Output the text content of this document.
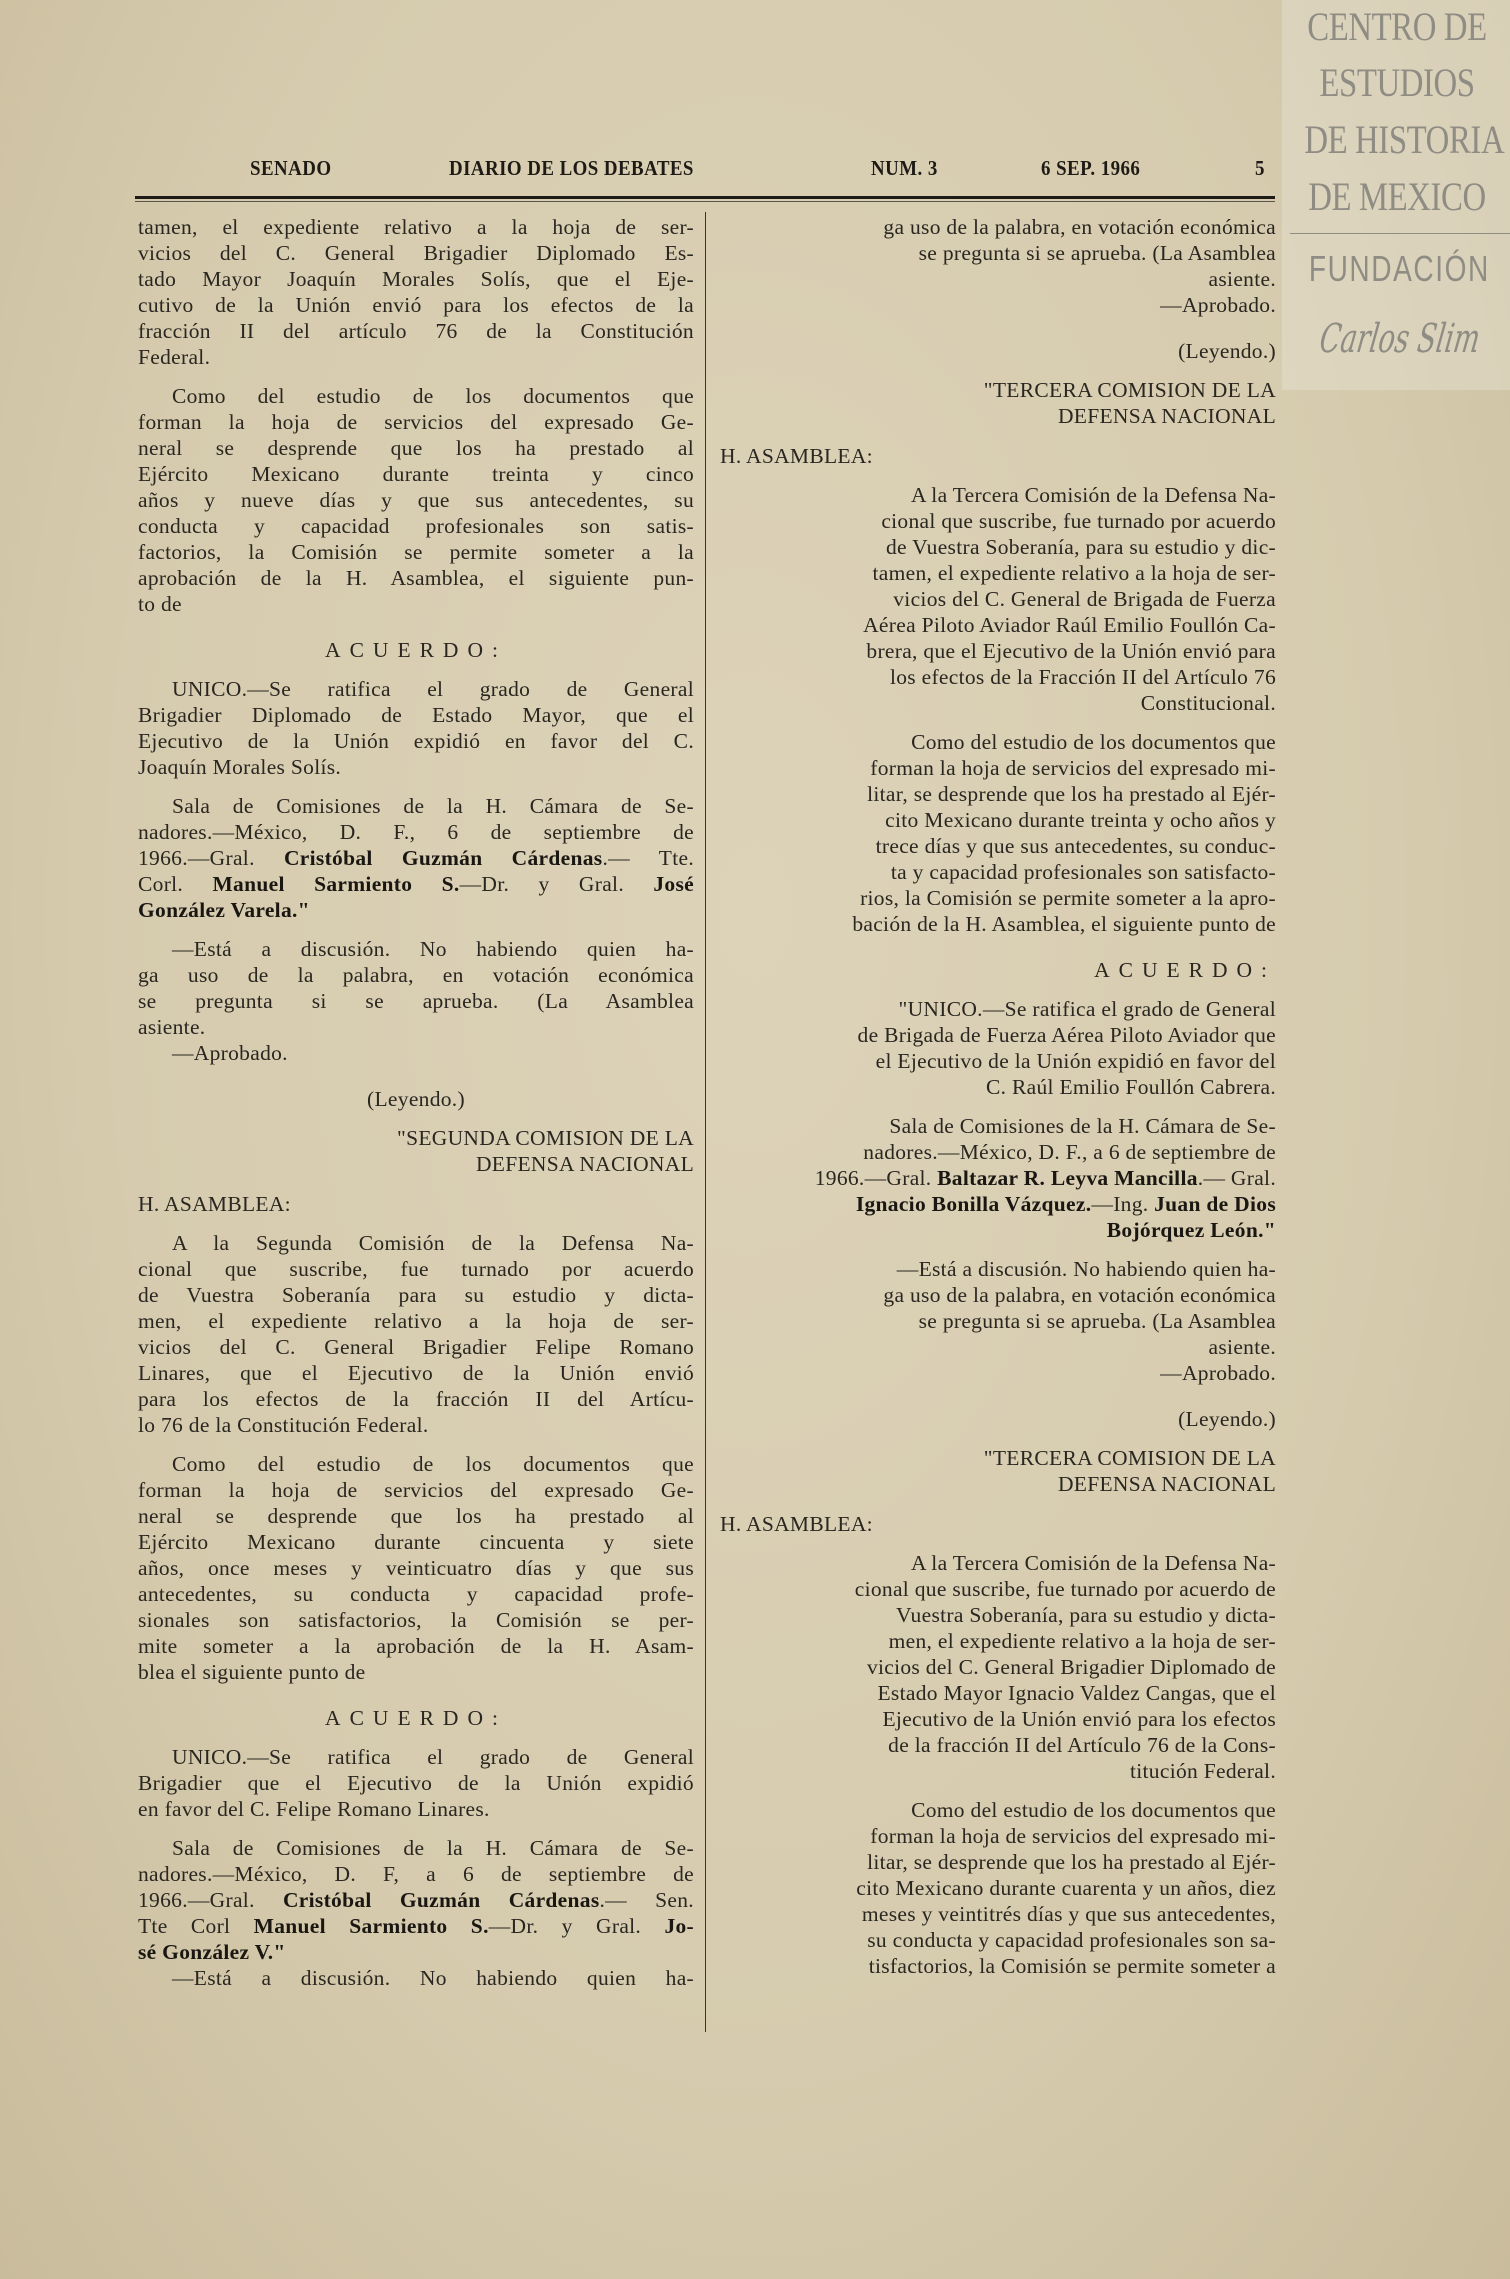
CENTRO DE
ESTUDIOS
DE HISTORIA
DE MEXICO
FUNDACIÓN
Carlos Slim
SENADO	DIARIO DE LOS DEBATES	NUM. 3	6 SEP. 1966	5
tamen, el expediente relativo a la hoja de ser-
vicios del C. General Brigadier Diplomado Es-
tado Mayor Joaquín Morales Solís, que el Eje-
cutivo de la Unión envió para los efectos de la
fracción II del artículo 76 de la Constitución
Federal.
Como del estudio de los documentos que
forman la hoja de servicios del expresado Ge-
neral se desprende que los ha prestado al
Ejército Mexicano durante treinta y cinco
años y nueve días y que sus antecedentes, su
conducta y capacidad profesionales son satis-
factorios, la Comisión se permite someter a la
aprobación de la H. Asamblea, el siguiente pun-
to de
ACUERDO:
UNICO.—Se ratifica el grado de General
Brigadier Diplomado de Estado Mayor, que el
Ejecutivo de la Unión expidió en favor del C.
Joaquín Morales Solís.
Sala de Comisiones de la H. Cámara de Se-
nadores.—México, D. F., 6 de septiembre de
1966.—Gral. Cristóbal Guzmán Cárdenas.— Tte.
Corl. Manuel Sarmiento S.—Dr. y Gral. José
González Varela."
—Está a discusión. No habiendo quien ha-
ga uso de la palabra, en votación económica
se pregunta si se aprueba. (La Asamblea
asiente.
—Aprobado.
(Leyendo.)
"SEGUNDA COMISION DE LA
DEFENSA NACIONAL
H. ASAMBLEA:
A la Segunda Comisión de la Defensa Na-
cional que suscribe, fue turnado por acuerdo
de Vuestra Soberanía para su estudio y dicta-
men, el expediente relativo a la hoja de ser-
vicios del C. General Brigadier Felipe Romano
Linares, que el Ejecutivo de la Unión envió
para los efectos de la fracción II del Artícu-
lo 76 de la Constitución Federal.
Como del estudio de los documentos que
forman la hoja de servicios del expresado Ge-
neral se desprende que los ha prestado al
Ejército Mexicano durante cincuenta y siete
años, once meses y veinticuatro días y que sus
antecedentes, su conducta y capacidad profe-
sionales son satisfactorios, la Comisión se per-
mite someter a la aprobación de la H. Asam-
blea el siguiente punto de
ACUERDO:
UNICO.—Se ratifica el grado de General
Brigadier que el Ejecutivo de la Unión expidió
en favor del C. Felipe Romano Linares.
Sala de Comisiones de la H. Cámara de Se-
nadores.—México, D. F, a 6 de septiembre de
1966.—Gral. Cristóbal Guzmán Cárdenas.— Sen.
Tte Corl Manuel Sarmiento S.—Dr. y Gral. Jo-
sé González V."
—Está a discusión. No habiendo quien ha-
ga uso de la palabra, en votación económica
se pregunta si se aprueba. (La Asamblea
asiente.
—Aprobado.
(Leyendo.)
"TERCERA COMISION DE LA
DEFENSA NACIONAL
H. ASAMBLEA:
A la Tercera Comisión de la Defensa Na-
cional que suscribe, fue turnado por acuerdo
de Vuestra Soberanía, para su estudio y dic-
tamen, el expediente relativo a la hoja de ser-
vicios del C. General de Brigada de Fuerza
Aérea Piloto Aviador Raúl Emilio Foullón Ca-
brera, que el Ejecutivo de la Unión envió para
los efectos de la Fracción II del Artículo 76
Constitucional.
Como del estudio de los documentos que
forman la hoja de servicios del expresado mi-
litar, se desprende que los ha prestado al Ejér-
cito Mexicano durante treinta y ocho años y
trece días y que sus antecedentes, su conduc-
ta y capacidad profesionales son satisfacto-
rios, la Comisión se permite someter a la apro-
bación de la H. Asamblea, el siguiente punto de
ACUERDO:
"UNICO.—Se ratifica el grado de General
de Brigada de Fuerza Aérea Piloto Aviador que
el Ejecutivo de la Unión expidió en favor del
C. Raúl Emilio Foullón Cabrera.
Sala de Comisiones de la H. Cámara de Se-
nadores.—México, D. F., a 6 de septiembre de
1966.—Gral. Baltazar R. Leyva Mancilla.— Gral.
Ignacio Bonilla Vázquez.—Ing. Juan de Dios
Bojórquez León."
—Está a discusión. No habiendo quien ha-
ga uso de la palabra, en votación económica
se pregunta si se aprueba. (La Asamblea
asiente.
—Aprobado.
(Leyendo.)
"TERCERA COMISION DE LA
DEFENSA NACIONAL
H. ASAMBLEA:
A la Tercera Comisión de la Defensa Na-
cional que suscribe, fue turnado por acuerdo de
Vuestra Soberanía, para su estudio y dicta-
men, el expediente relativo a la hoja de ser-
vicios del C. General Brigadier Diplomado de
Estado Mayor Ignacio Valdez Cangas, que el
Ejecutivo de la Unión envió para los efectos
de la fracción II del Artículo 76 de la Cons-
titución Federal.
Como del estudio de los documentos que
forman la hoja de servicios del expresado mi-
litar, se desprende que los ha prestado al Ejér-
cito Mexicano durante cuarenta y un años, diez
meses y veintitrés días y que sus antecedentes,
su conducta y capacidad profesionales son sa-
tisfactorios, la Comisión se permite someter a
